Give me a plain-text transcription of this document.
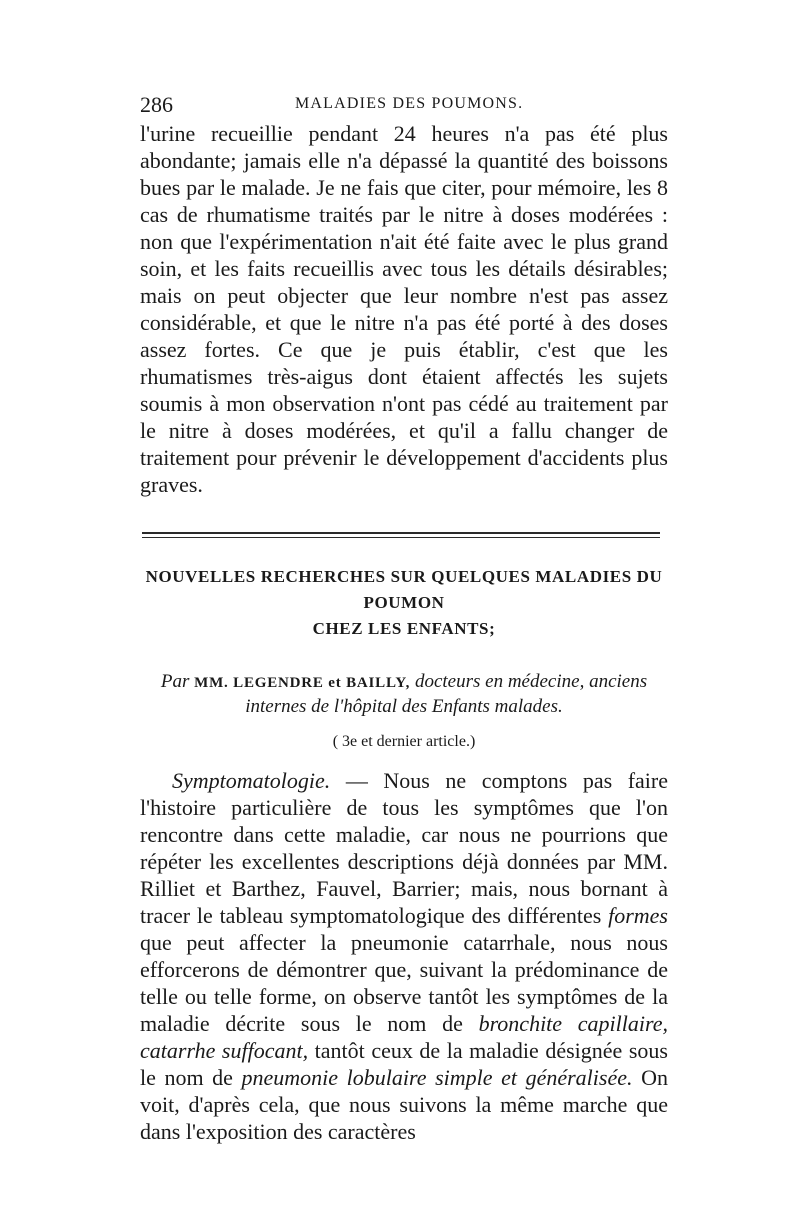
286	MALADIES DES POUMONS.

l'urine recueillie pendant 24 heures n'a pas été plus abondante; jamais elle n'a dépassé la quantité des boissons bues par le malade. Je ne fais que citer, pour mémoire, les 8 cas de rhumatisme traités par le nitre à doses modérées : non que l'expérimentation n'ait été faite avec le plus grand soin, et les faits recueillis avec tous les détails désirables; mais on peut objecter que leur nombre n'est pas assez considérable, et que le nitre n'a pas été porté à des doses assez fortes. Ce que je puis établir, c'est que les rhumatismes très-aigus dont étaient affectés les sujets soumis à mon observation n'ont pas cédé au traitement par le nitre à doses modérées, et qu'il a fallu changer de traitement pour prévenir le développement d'accidents plus graves.

NOUVELLES RECHERCHES SUR QUELQUES MALADIES DU POUMON
CHEZ LES ENFANTS;
Par MM. LEGENDRE et BAILLY, docteurs en médecine, anciens internes de l'hôpital des Enfants malades.
( 3e et dernier article.)

Symptomatologie. — Nous ne comptons pas faire l'histoire particulière de tous les symptômes que l'on rencontre dans cette maladie, car nous ne pourrions que répéter les excellentes descriptions déjà données par MM. Rilliet et Barthez, Fauvel, Barrier; mais, nous bornant à tracer le tableau symptomatologique des différentes formes que peut affecter la pneumonie catarrhale, nous nous efforcerons de démontrer que, suivant la prédominance de telle ou telle forme, on observe tantôt les symptômes de la maladie décrite sous le nom de bronchite capillaire, catarrhe suffocant, tantôt ceux de la maladie désignée sous le nom de pneumonie lobulaire simple et généralisée. On voit, d'après cela, que nous suivons la même marche que dans l'exposition des caractères
